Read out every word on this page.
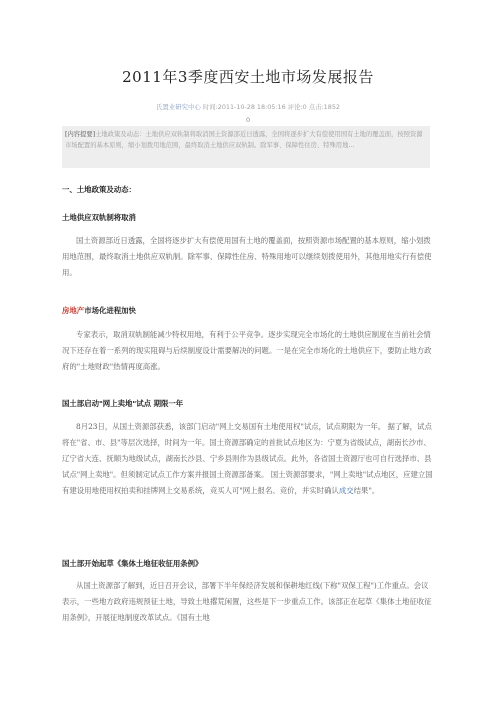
2011年3季度西安土地市场发展报告
氏置业研究中心 时间:2011-10-28 18:05:16 评论:0 点击:1852
0
[内容提要]土地政策及动态：土地供应双轨制将取消国土资源部近日透露，全国将逐步扩大有偿使用国有土地的覆盖面，按照资源市场配置的基本原则，缩小划拨用地范围，最终取消土地供应双轨制。除军事、保障性住房、特殊用地...
一、土地政策及动态：
土地供应双轨制将取消
国土资源部近日透露，全国将逐步扩大有偿使用国有土地的覆盖面，按照资源市场配置的基本原则，缩小划拨用地范围，最终取消土地供应双轨制。除军事、保障性住房、特殊用地可以继续划拨使用外，其他用地实行有偿使用。
房地产市场化进程加快
专家表示，取消双轨制能减少特权用地，有利于公平竞争。逐步实现完全市场化的土地供应制度在当前社会情况下还存在着一系列的现实阻碍与后续制度设计需要解决的问题。一是在完全市场化的土地供应下，要防止地方政府的"土地财政"热情再度高涨。
国土部启动"网上卖地"试点 期限一年
8月23日，从国土资源部获悉，该部门启动"网上交易国有土地使用权"试点，试点期限为一年。 据了解，试点将在"省、市、县"等层次选择，时间为一年。国土资源部确定的首批试点地区为：宁夏为省级试点，湖南长沙市、辽宁省大连、抚顺为地级试点，湖南长沙县、宁乡县则作为县级试点。此外，各省国土资源厅也可自行选择市、县试点"网上卖地"。但须制定试点工作方案并报国土资源部备案。 国土资源部要求，"网上卖地"试点地区，应建立国有建设用地使用权拍卖和挂牌网上交易系统，竞买人可"网上报名、竞价，并实时确认成交结果"。
国土部开始起草《集体土地征收征用条例》
从国土资源部了解到，近日召开会议，部署下半年保经济发展和保耕地红线(下称"双保工程")工作重点。会议表示，一些地方政府违规预征土地，导致土地撂荒闲置，这些是下一步重点工作。该部正在起草《集体土地征收征用条例》，开展征地制度改革试点。《国有土地
